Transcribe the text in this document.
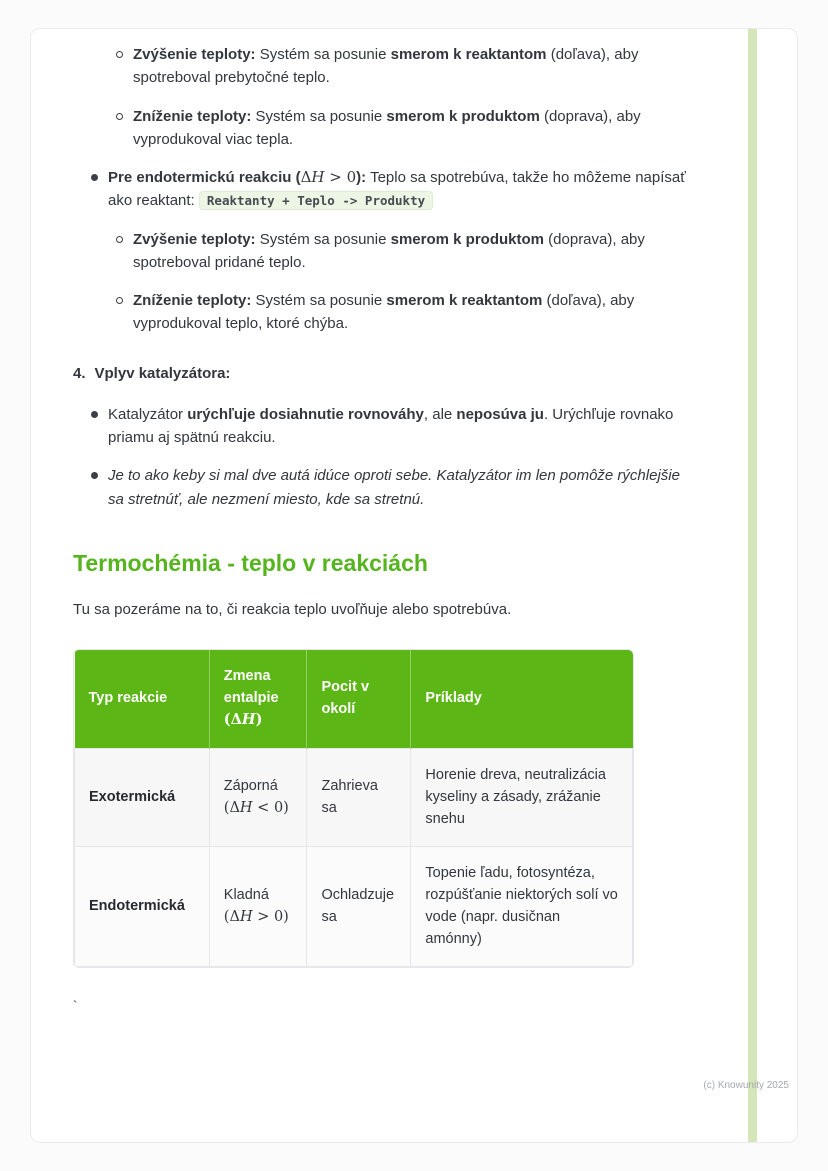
Zvýšenie teploty: Systém sa posunie smerom k reaktantom (doľava), aby spotreboval prebytočné teplo.
Zníženie teploty: Systém sa posunie smerom k produktom (doprava), aby vyprodukoval viac tepla.
Pre endotermickú reakciu (ΔH > 0): Teplo sa spotrebúva, takže ho môžeme napísať ako reaktant: Reaktanty + Teplo -> Produkty
Zvýšenie teploty: Systém sa posunie smerom k produktom (doprava), aby spotreboval pridané teplo.
Zníženie teploty: Systém sa posunie smerom k reaktantom (doľava), aby vyprodukoval teplo, ktoré chýba.
4. Vplyv katalyzátora:
Katalyzátor urýchľuje dosiahnutie rovnováhy, ale neposúva ju. Urýchľuje rovnako priamu aj spätnú reakciu.
Je to ako keby si mal dve autá idúce oproti sebe. Katalyzátor im len pomôže rýchlejšie sa stretnúť, ale nezmení miesto, kde sa stretnú.
Termochémia - teplo v reakciách

Tu sa pozeráme na to, či reakcia teplo uvoľňuje alebo spotrebúva.

Typ reakcie	Zmena entalpie (ΔH)	Pocit v okolí	Príklady
Exotermická	Záporná (ΔH < 0)	Zahrieva sa	Horenie dreva, neutralizácia kyseliny a zásady, zrážanie snehu
Endotermická	Kladná (ΔH > 0)	Ochladzuje sa	Topenie ľadu, fotosyntéza, rozpúšťanie niektorých solí vo vode (napr. dusičnan amónny)
`
(c) Knowunity 2025
